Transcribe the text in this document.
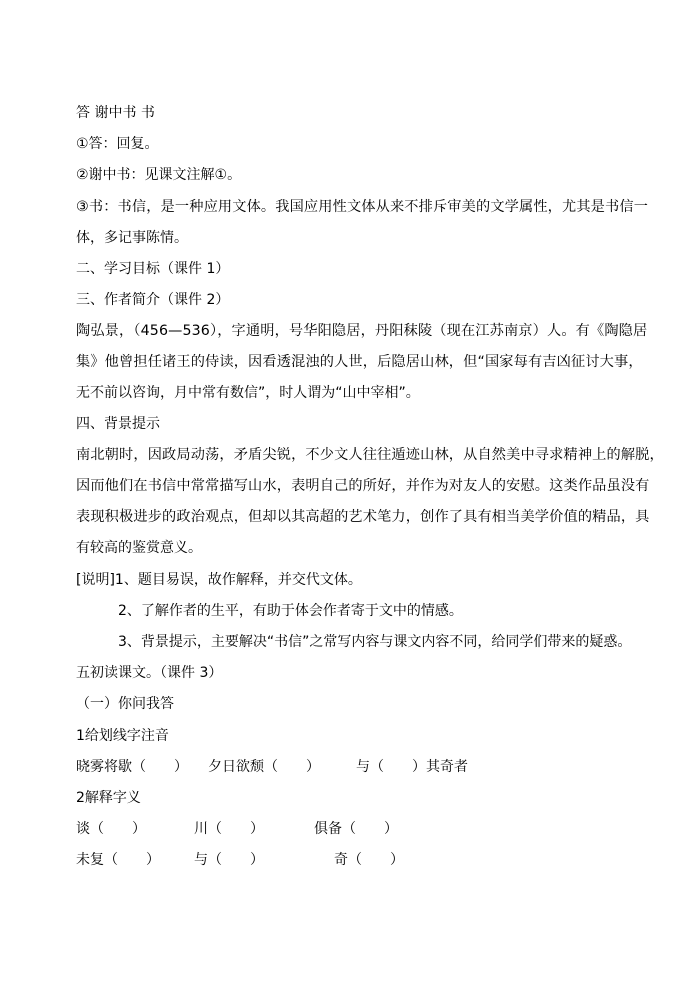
答 谢中书 书
①答：回复。
②谢中书：见课文注解①。
③书：书信，是一种应用文体。我国应用性文体从来不排斥审美的文学属性，尤其是书信一
体，多记事陈情。
二、学习目标（课件 1）
三、作者简介（课件 2）
陶弘景，（456—536），字通明，号华阳隐居，丹阳秣陵（现在江苏南京）人。有《陶隐居
集》他曾担任诸王的侍读，因看透混浊的人世，后隐居山林，但“国家每有吉凶征讨大事，
无不前以咨询，月中常有数信”，时人谓为“山中宰相”。
四、背景提示
南北朝时，因政局动荡，矛盾尖锐，不少文人往往遁迹山林，从自然美中寻求精神上的解脱，
因而他们在书信中常常描写山水，表明自己的所好，并作为对友人的安慰。这类作品虽没有
表现积极进步的政治观点，但却以其高超的艺术笔力，创作了具有相当美学价值的精品，具
有较高的鉴赏意义。
[说明]1、题目易误，故作解释，并交代文体。
2、了解作者的生平，有助于体会作者寄于文中的情感。
3、背景提示，主要解决“书信”之常写内容与课文内容不同，给同学们带来的疑惑。
五初读课文。（课件 3）
（一）你问我答
1给划线字注音
晓雾将歇（　　） 夕日欲颓（　　）	与（　　）其奇者
2解释字义
谈（　　）	川（　　）	俱备（　　）
未复（　　） 与（　　）	奇（　　）
